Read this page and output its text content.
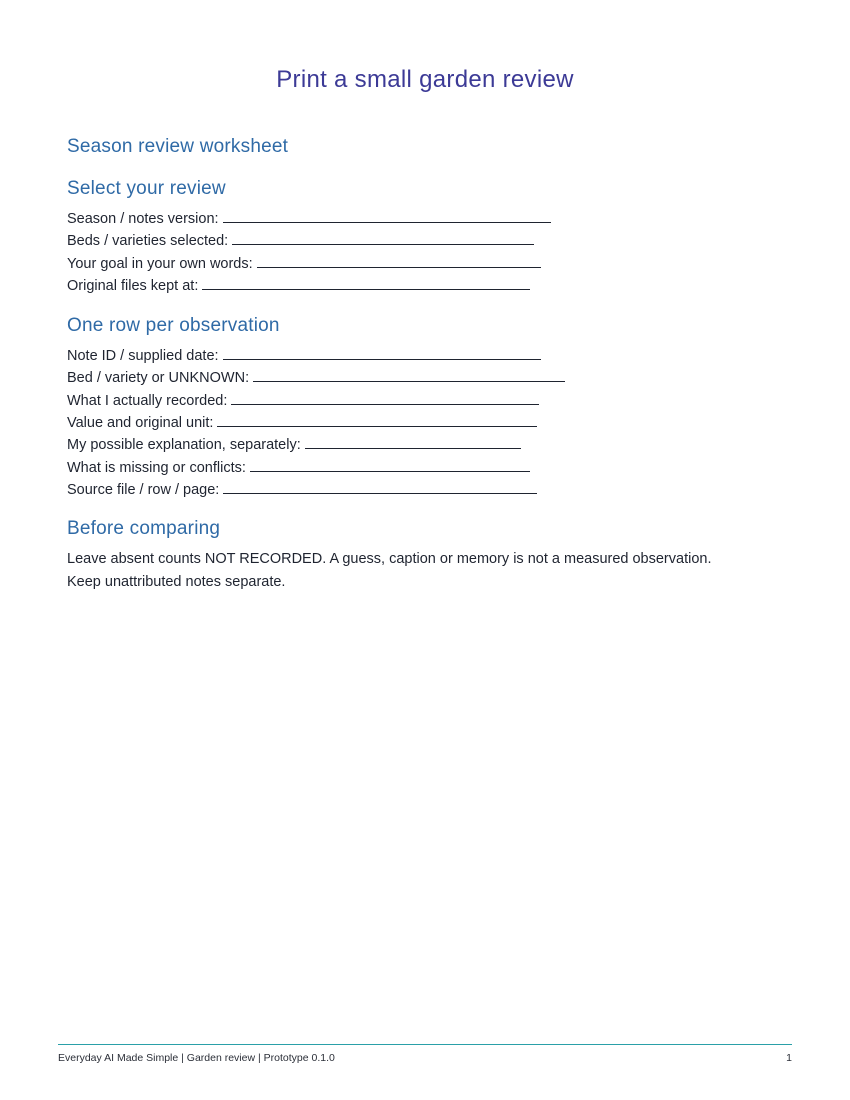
Print a small garden review
Season review worksheet
Select your review
Season / notes version:
Beds / varieties selected:
Your goal in your own words:
Original files kept at:
One row per observation
Note ID / supplied date:
Bed / variety or UNKNOWN:
What I actually recorded:
Value and original unit:
My possible explanation, separately:
What is missing or conflicts:
Source file / row / page:
Before comparing
Leave absent counts NOT RECORDED. A guess, caption or memory is not a measured observation.
Keep unattributed notes separate.
Everyday AI Made Simple | Garden review | Prototype 0.1.0	1
